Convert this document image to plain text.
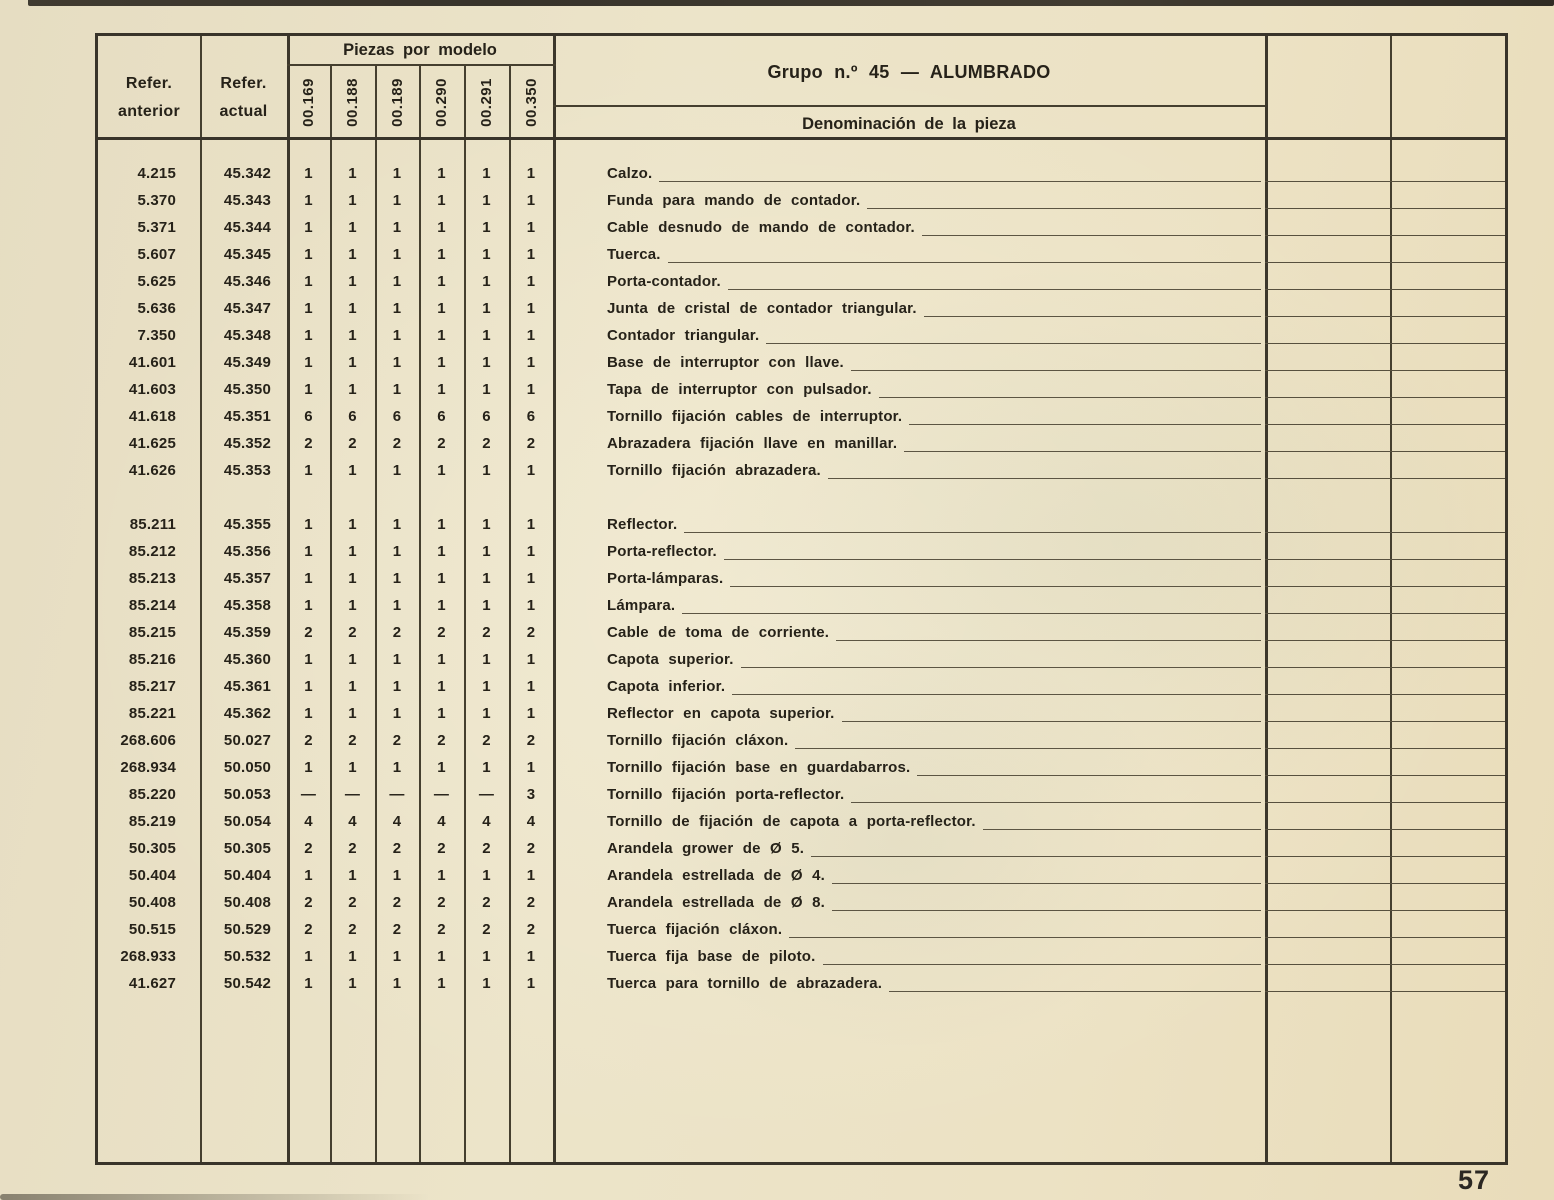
Refer.
anterior
Refer.
actual
Piezas por modelo
00.169 00.188 00.189 00.290 00.291 00.350
Grupo n.º 45 — ALUMBRADO
Denominación de la pieza
4.215	45.342	1	1	1	1	1	1	Calzo.
5.370	45.343	1	1	1	1	1	1	Funda para mando de contador.
5.371	45.344	1	1	1	1	1	1	Cable desnudo de mando de contador.
5.607	45.345	1	1	1	1	1	1	Tuerca.
5.625	45.346	1	1	1	1	1	1	Porta-contador.
5.636	45.347	1	1	1	1	1	1	Junta de cristal de contador triangular.
7.350	45.348	1	1	1	1	1	1	Contador triangular.
41.601	45.349	1	1	1	1	1	1	Base de interruptor con llave.
41.603	45.350	1	1	1	1	1	1	Tapa de interruptor con pulsador.
41.618	45.351	6	6	6	6	6	6	Tornillo fijación cables de interruptor.
41.625	45.352	2	2	2	2	2	2	Abrazadera fijación llave en manillar.
41.626	45.353	1	1	1	1	1	1	Tornillo fijación abrazadera.
85.211	45.355	1	1	1	1	1	1	Reflector.
85.212	45.356	1	1	1	1	1	1	Porta-reflector.
85.213	45.357	1	1	1	1	1	1	Porta-lámparas.
85.214	45.358	1	1	1	1	1	1	Lámpara.
85.215	45.359	2	2	2	2	2	2	Cable de toma de corriente.
85.216	45.360	1	1	1	1	1	1	Capota superior.
85.217	45.361	1	1	1	1	1	1	Capota inferior.
85.221	45.362	1	1	1	1	1	1	Reflector en capota superior.
268.606	50.027	2	2	2	2	2	2	Tornillo fijación cláxon.
268.934	50.050	1	1	1	1	1	1	Tornillo fijación base en guardabarros.
85.220	50.053	—	—	—	—	—	3	Tornillo fijación porta-reflector.
85.219	50.054	4	4	4	4	4	4	Tornillo de fijación de capota a porta-reflector.
50.305	50.305	2	2	2	2	2	2	Arandela grower de Ø 5.
50.404	50.404	1	1	1	1	1	1	Arandela estrellada de Ø 4.
50.408	50.408	2	2	2	2	2	2	Arandela estrellada de Ø 8.
50.515	50.529	2	2	2	2	2	2	Tuerca fijación cláxon.
268.933	50.532	1	1	1	1	1	1	Tuerca fija base de piloto.
41.627	50.542	1	1	1	1	1	1	Tuerca para tornillo de abrazadera.
57
